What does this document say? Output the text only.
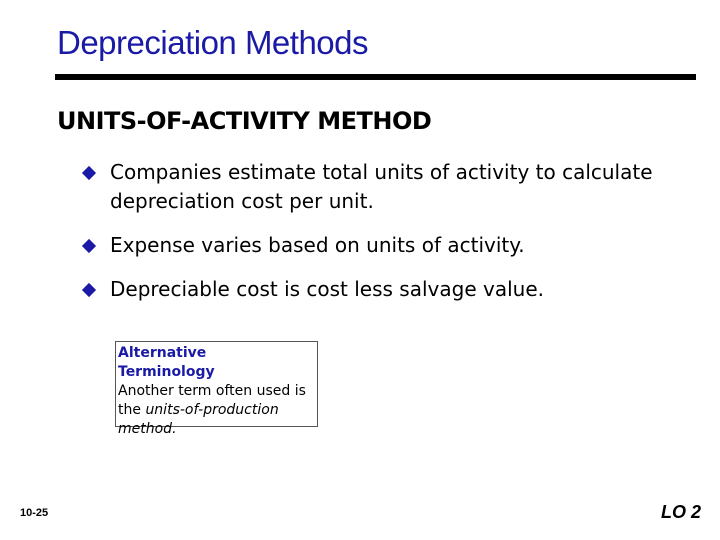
Depreciation Methods
UNITS-OF-ACTIVITY METHOD
Companies estimate total units of activity to calculate depreciation cost per unit.
Expense varies based on units of activity.
Depreciable cost is cost less salvage value.
Alternative
Terminology
Another term often used is the units-of-production method.
10-25	LO 2
